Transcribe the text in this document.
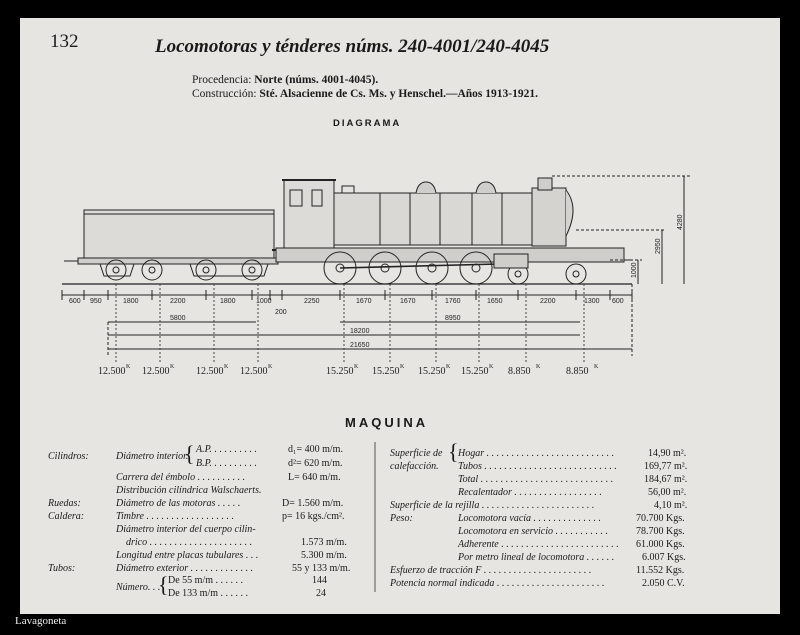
132	Locomotoras y ténderes núms. 240-4001/240-4045
Procedencia: Norte (núms. 4001-4045).
Construcción: Sté. Alsacienne de Cs. Ms. y Henschel.—Años 1913-1921.
DIAGRAMA
4280
2950
1000
600 950	1800	2200	1800	1000	2250	1670	1670	1760	1650	2200	1300 600
200
5800	8950
18200
21650
12.500 K 12.500 K 12.500 K 12.500 K	15.250 K 15.250 K 15.250 K 15.250 K 8.850 K	8.850 K
MAQUINA
Cilindros:	Diámetro interior.
{ A.P. . . . . . . . . .	d₁= 400 m/m.
B.P. . . . . . . . . .	d²= 620 m/m.
Carrera del émbolo . . . . . . . . . .	L= 640 m/m.
Distribución cilíndrica Walschaerts.
Ruedas:	Diámetro de las motoras . . . . .	D= 1.560 m/m.
Caldera:	Timbre . . . . . . . . . . . . . . . . . .	p= 16 kgs./cm².
Diámetro interior del cuerpo cilin-
drico . . . . . . . . . . . . . . . . . . . . .	1.573 m/m.
Longitud entre placas tubulares . . .	5.300 m/m.
Tubos:	Diámetro exterior . . . . . . . . . . . . .	55 y 133 m/m.
Número. . .
{ De 55 m/m . . . . . .	144
De 133 m/m . . . . . .	24
Superficie de
calefacción.
{ Hogar . . . . . . . . . . . . . . . . . . . . . . . . . .	14,90 m².
Tubos . . . . . . . . . . . . . . . . . . . . . . . . . . .	169,77 m².
Total . . . . . . . . . . . . . . . . . . . . . . . . . . .	184,67 m².
Recalentador . . . . . . . . . . . . . . . . . .	56,00 m².
Superficie de la rejilla . . . . . . . . . . . . . . . . . . . . . . .	4,10 m².
Peso:	Locomotora vacía . . . . . . . . . . . . . .	70.700 Kgs.
Locomotora en servicio . . . . . . . . . . .	78.700 Kgs.
Adherente . . . . . . . . . . . . . . . . . . . . . . . . 61.000 Kgs.
Por metro lineal de locomotora . . . . . .	6.007 Kgs.
Esfuerzo de tracción F . . . . . . . . . . . . . . . . . . . . . .	11.552 Kgs.
Potencia normal indicada . . . . . . . . . . . . . . . . . . . . . .	2.050 C.V.
Lavagoneta
